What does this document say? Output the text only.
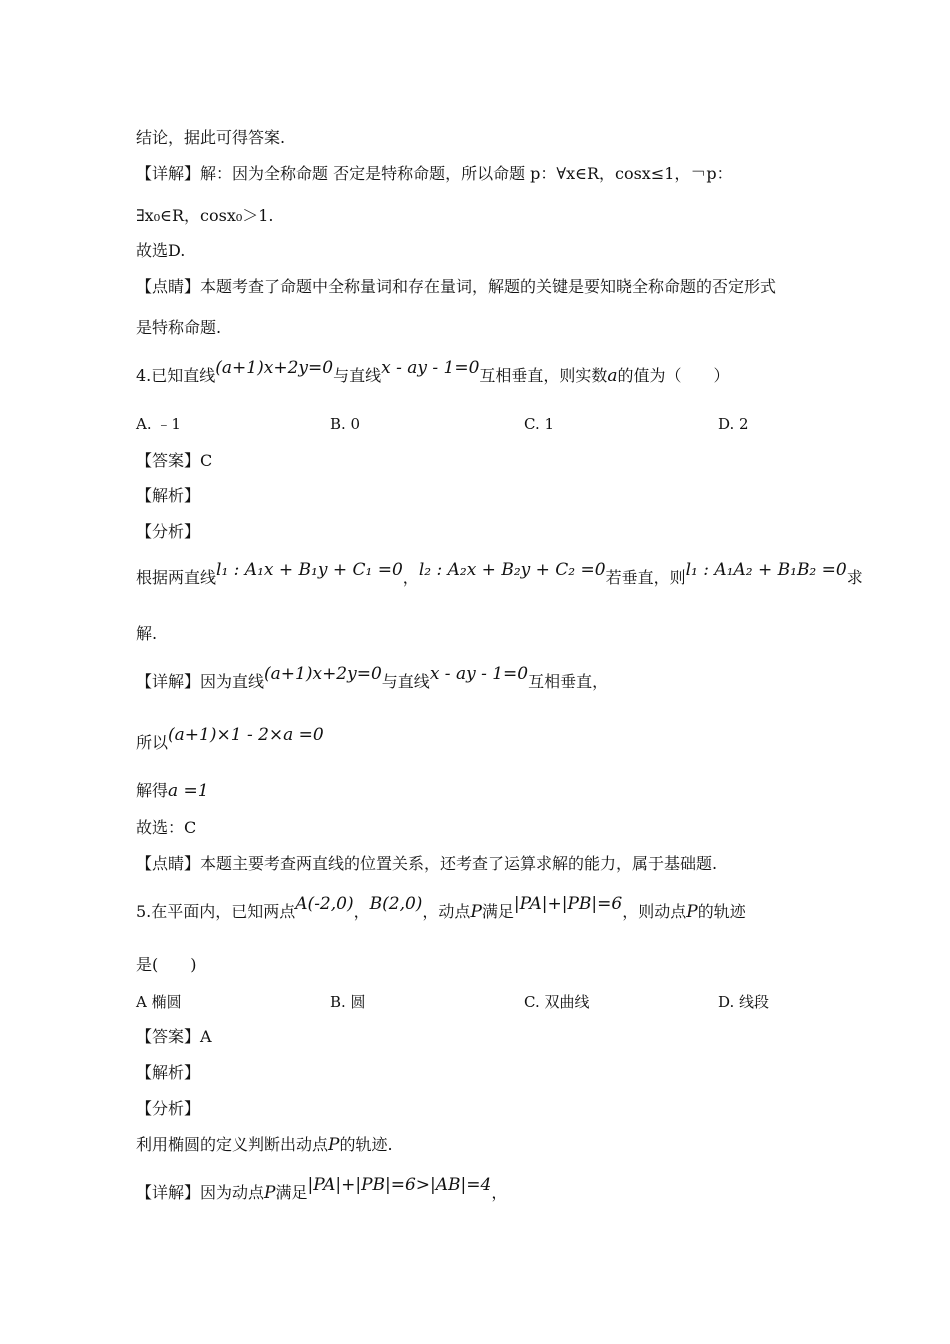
结论，据此可得答案.
【详解】解：因为全称命题 否定是特称命题，所以命题 p：∀x∈R，cosx≤1，￢p：
∃x₀∈R，cosx₀＞1.
故选D.
【点睛】本题考查了命题中全称量词和存在量词，解题的关键是要知晓全称命题的否定形式
是特称命题.
4.已知直线(a+1)x+2y=0与直线x - ay - 1=0互相垂直，则实数a的值为（　　）
A. ﹣1	B. 0	C. 1	D. 2
【答案】C
【解析】
【分析】
根据两直线l₁ : A₁x + B₁y + C₁ =0，l₂ : A₂x + B₂y + C₂ =0若垂直，则l₁ : A₁A₂ + B₁B₂ =0求
解.
【详解】因为直线(a+1)x+2y=0与直线x - ay - 1=0互相垂直，
所以(a+1)×1 - 2×a =0
解得a =1
故选：C
【点睛】本题主要考查两直线的位置关系，还考查了运算求解的能力，属于基础题.
5.在平面内，已知两点A(-2,0)，B(2,0)，动点P满足|PA|+|PB|=6，则动点P的轨迹
是(　　)
A 椭圆	B. 圆	C. 双曲线	D. 线段
【答案】A
【解析】
【分析】
利用椭圆的定义判断出动点P的轨迹.
【详解】因为动点P满足|PA|+|PB|=6>|AB|=4，
